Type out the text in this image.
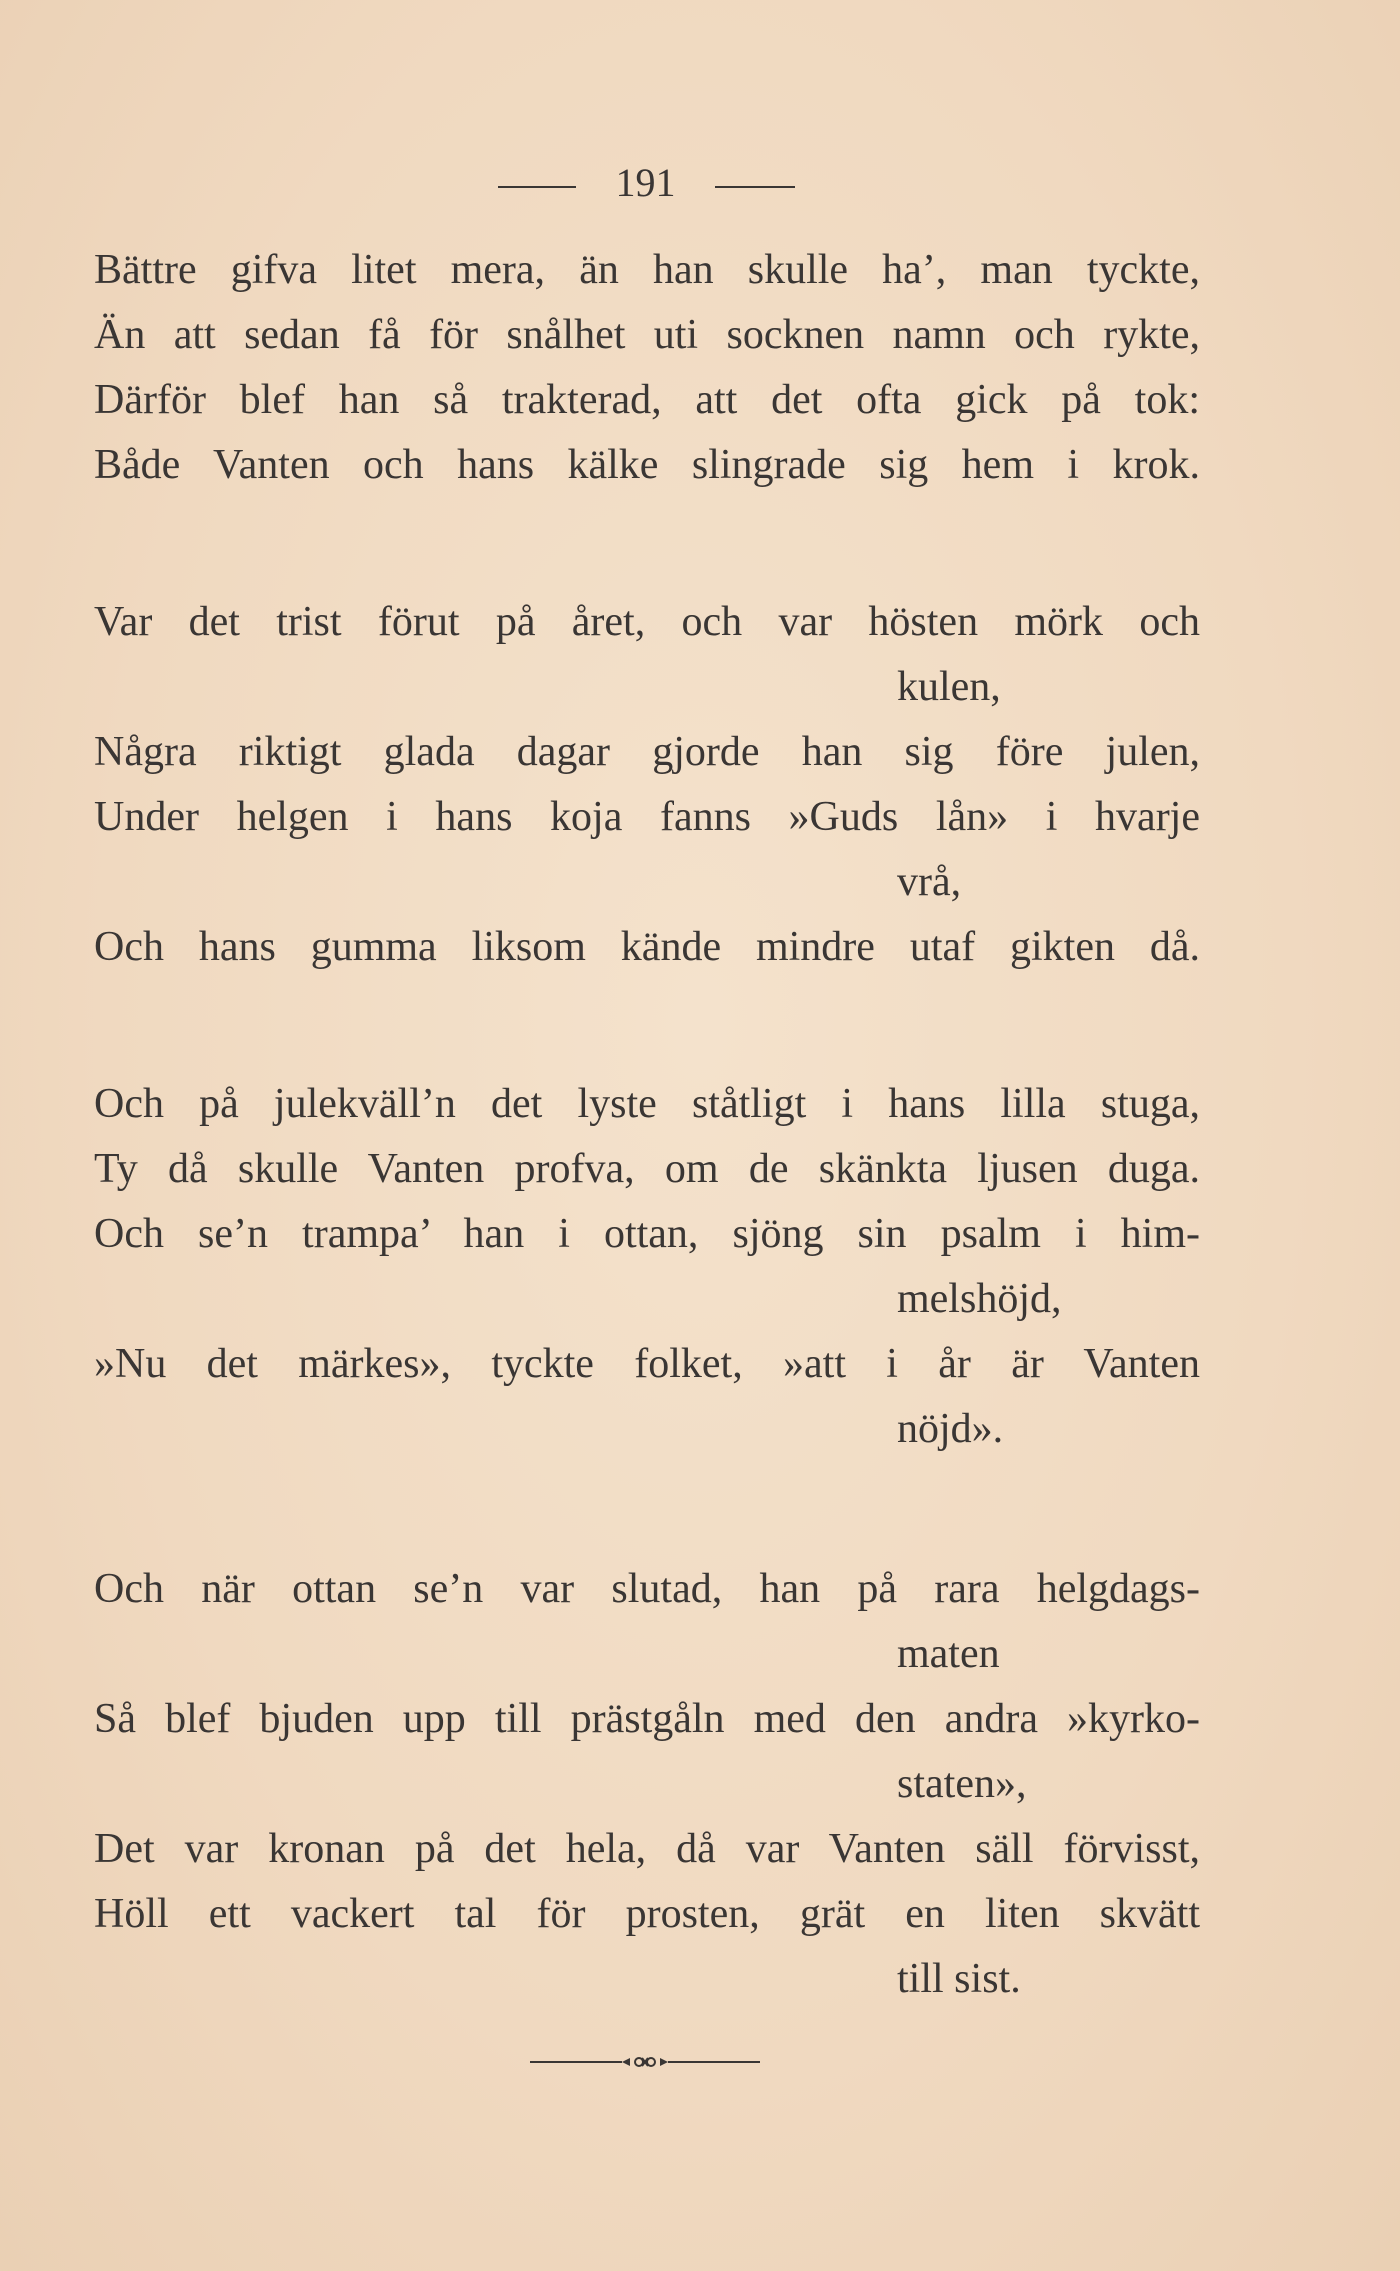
191
Bättre gifva litet mera, än han skulle ha’, man tyckte,
Än att sedan få för snålhet uti socknen namn och rykte,
Därför blef han så trakterad, att det ofta gick på tok:
Både Vanten och hans kälke slingrade sig hem i krok.
Var det trist förut på året, och var hösten mörk och
kulen,
Några riktigt glada dagar gjorde han sig före julen,
Under helgen i hans koja fanns »Guds lån» i hvarje
vrå,
Och hans gumma liksom kände mindre utaf gikten då.
Och på julekväll’n det lyste ståtligt i hans lilla stuga,
Ty då skulle Vanten profva, om de skänkta ljusen duga.
Och se’n trampa’ han i ottan, sjöng sin psalm i him-
melshöjd,
»Nu det märkes», tyckte folket, »att i år är Vanten
nöjd».
Och när ottan se’n var slutad, han på rara helgdags-
maten
Så blef bjuden upp till prästgåln med den andra »kyrko-
staten»,
Det var kronan på det hela, då var Vanten säll förvisst,
Höll ett vackert tal för prosten, grät en liten skvätt
till sist.
